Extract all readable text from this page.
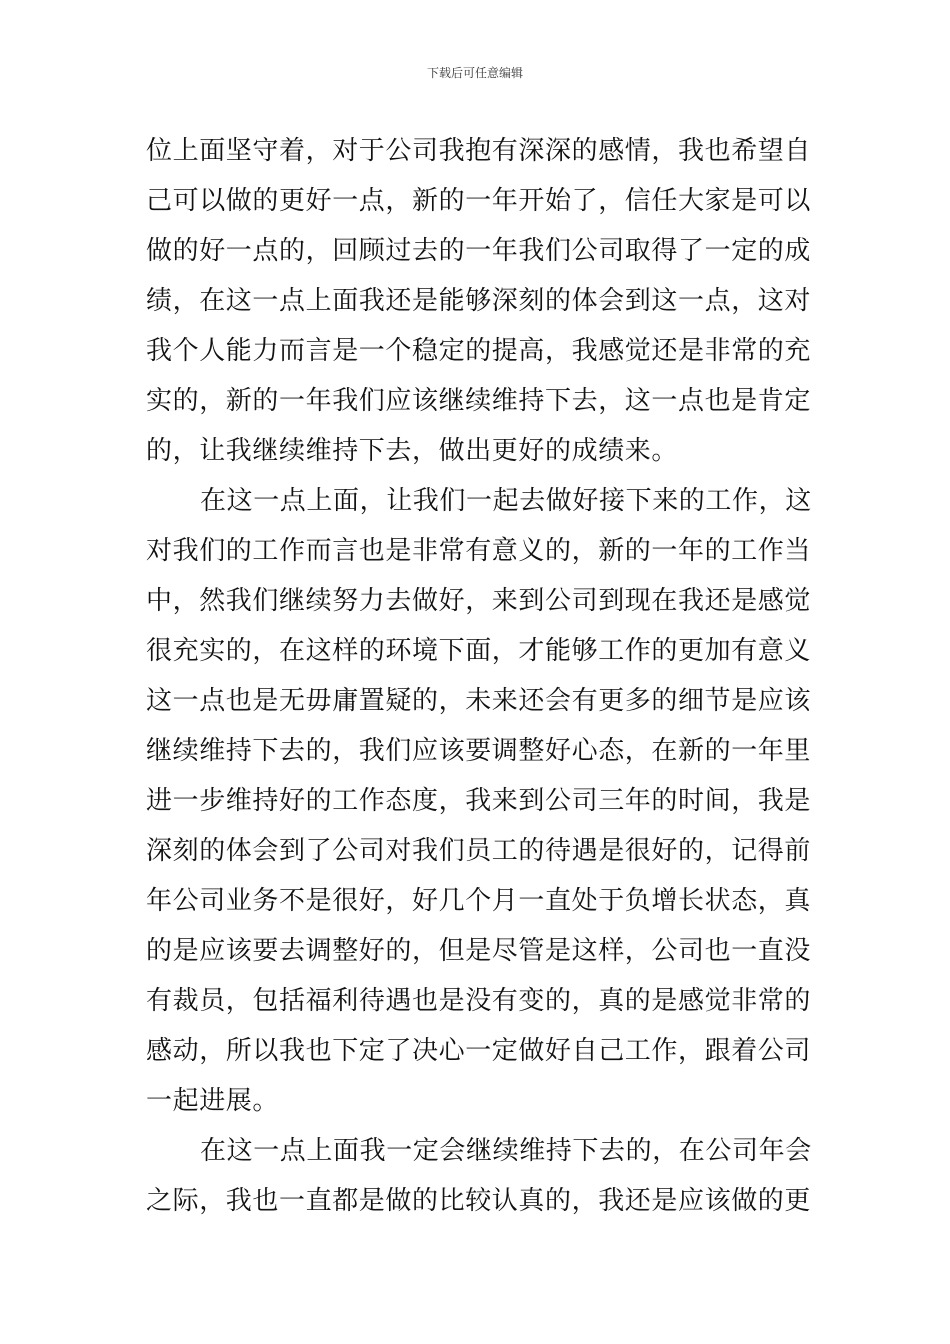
下载后可任意编辑
位上面坚守着，对于公司我抱有深深的感情，我也希望自
己可以做的更好一点，新的一年开始了，信任大家是可以
做的好一点的，回顾过去的一年我们公司取得了一定的成
绩，在这一点上面我还是能够深刻的体会到这一点，这对
我个人能力而言是一个稳定的提高，我感觉还是非常的充
实的，新的一年我们应该继续维持下去，这一点也是肯定
的，让我继续维持下去，做出更好的成绩来。
在这一点上面，让我们一起去做好接下来的工作，这
对我们的工作而言也是非常有意义的，新的一年的工作当
中，然我们继续努力去做好，来到公司到现在我还是感觉
很充实的，在这样的环境下面，才能够工作的更加有意义
这一点也是无毋庸置疑的，未来还会有更多的细节是应该
继续维持下去的，我们应该要调整好心态，在新的一年里
进一步维持好的工作态度，我来到公司三年的时间，我是
深刻的体会到了公司对我们员工的待遇是很好的，记得前
年公司业务不是很好，好几个月一直处于负增长状态，真
的是应该要去调整好的，但是尽管是这样，公司也一直没
有裁员，包括福利待遇也是没有变的，真的是感觉非常的
感动，所以我也下定了决心一定做好自己工作，跟着公司
一起进展。
在这一点上面我一定会继续维持下去的，在公司年会
之际，我也一直都是做的比较认真的，我还是应该做的更
